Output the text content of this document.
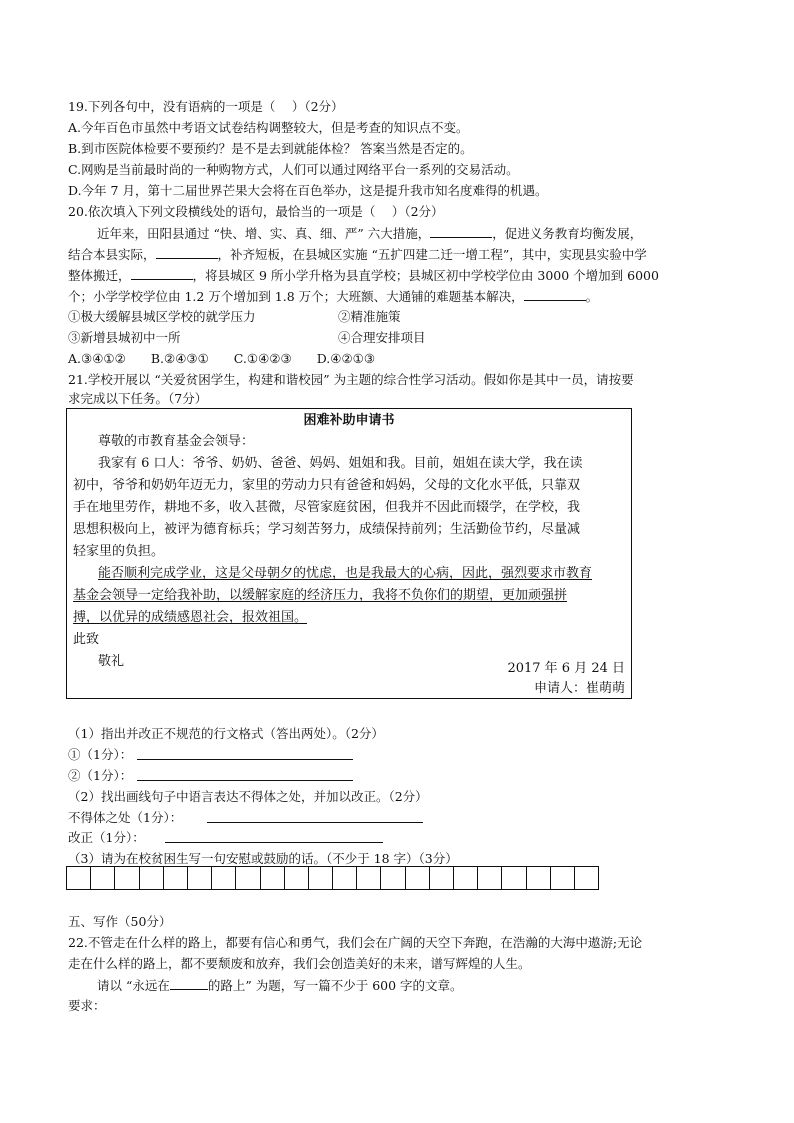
19.下列各句中，没有语病的一项是（　 ）（2分）
A.今年百色市虽然中考语文试卷结构调整较大，但是考查的知识点不变。
B.到市医院体检要不要预约？是不是去到就能体检？ 答案当然是否定的。
C.网购是当前最时尚的一种购物方式，人们可以通过网络平台一系列的交易活动。
D.今年 7 月，第十二届世界芒果大会将在百色举办，这是提升我市知名度难得的机遇。
20.依次填入下列文段横线处的语句，最恰当的一项是（　 ）（2分）
近年来，田阳县通过 “快、增、实、真、细、严” 六大措施，	，促进义务教育均衡发展，
结合本县实际，	，补齐短板，在县城区实施 “五扩四建二迁一增工程”，其中，实现县实验中学
整体搬迁，	，将县城区 9 所小学升格为县直学校；县城区初中学校学位由 3000 个增加到 6000
个；小学学校学位由 1.2 万个增加到 1.8 万个；大班额、大通铺的难题基本解决，	。
①极大缓解县城区学校的就学压力	②精准施策
③新增县城初中一所	④合理安排项目
A.③④①②　　B.②④③①　　C.①④②③　　D.④②①③
21.学校开展以 “关爱贫困学生，构建和谐校园” 为主题的综合性学习活动。假如你是其中一员，请按要
求完成以下任务。（7分）
困难补助申请书
尊敬的市教育基金会领导：
我家有 6 口人：爷爷、奶奶、爸爸、妈妈、姐姐和我。目前，姐姐在读大学，我在读
初中，爷爷和奶奶年迈无力，家里的劳动力只有爸爸和妈妈，父母的文化水平低，只靠双
手在地里劳作，耕地不多，收入甚微，尽管家庭贫困，但我并不因此而辍学，在学校，我
思想积极向上，被评为德育标兵；学习刻苦努力，成绩保持前列；生活勤俭节约，尽量减
轻家里的负担。
能否顺利完成学业，这是父母朝夕的忧虑，也是我最大的心病，因此，强烈要求市教育
基金会领导一定给我补助，以缓解家庭的经济压力，我将不负你们的期望，更加顽强拼
搏，以优异的成绩感恩社会，报效祖国。
此致
敬礼	2017 年 6 月 24 日
申请人：崔萌萌
（1）指出并改正不规范的行文格式（答出两处）。（2分）
①（1分）：
②（1分）：
（2）找出画线句子中语言表达不得体之处，并加以改正。（2分）
不得体之处（1分）：
改正（1分）：
（3）请为在校贫困生写一句安慰或鼓励的话。（不少于 18 字）（3分）
五、写作（50分）
22.不管走在什么样的路上，都要有信心和勇气，我们会在广阔的天空下奔跑，在浩瀚的大海中遨游;无论
走在什么样的路上，都不要颓废和放弃，我们会创造美好的未来，谱写辉煌的人生。
请以 “永远在	的路上” 为题，写一篇不少于 600 字的文章。
要求：
